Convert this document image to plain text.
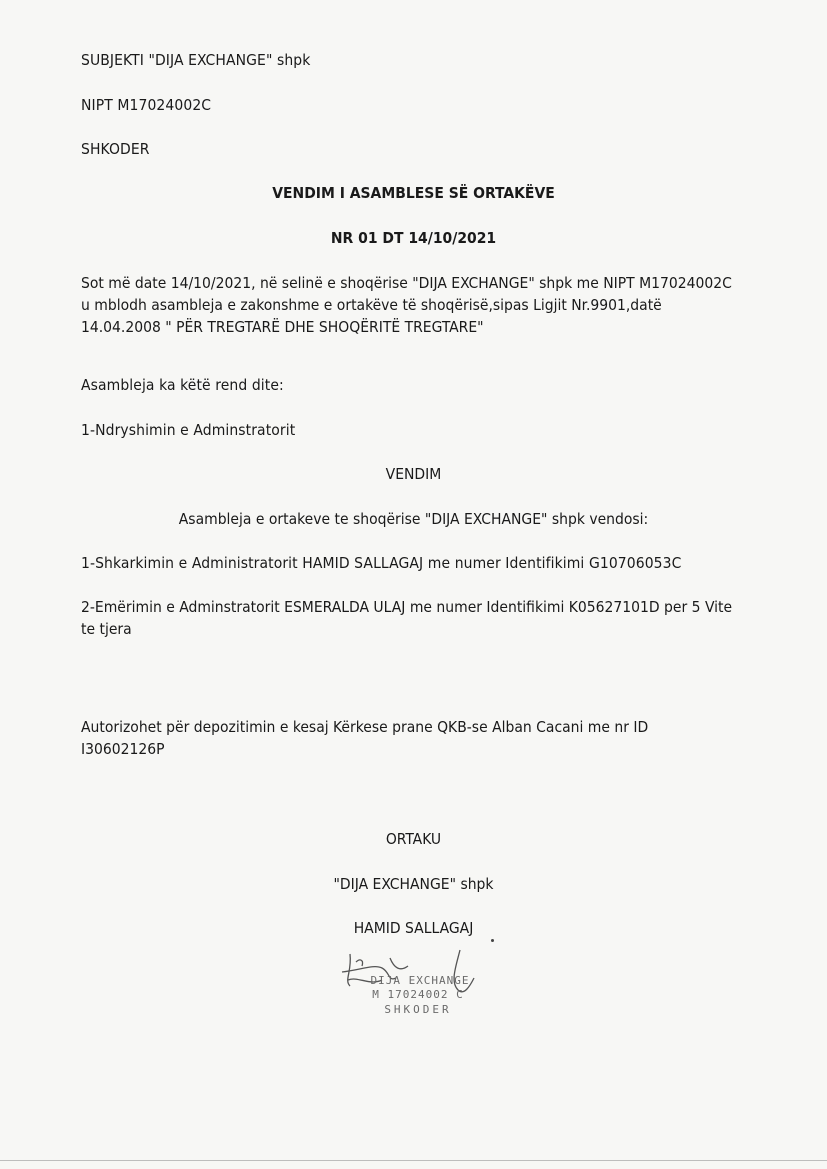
SUBJEKTI "DIJA EXCHANGE" shpk
NIPT M17024002C
SHKODER
VENDIM I ASAMBLESE SË ORTAKËVE
NR 01 DT 14/10/2021
Sot më date 14/10/2021, në selinë e shoqërise "DIJA EXCHANGE" shpk me NIPT M17024002C
u mblodh asambleja e zakonshme e ortakëve të shoqërisë,sipas Ligjit Nr.9901,datë
14.04.2008 " PËR TREGTARË DHE SHOQËRITË TREGTARE"
Asambleja ka këtë rend dite:
1-Ndryshimin e Adminstratorit
VENDIM
Asambleja e ortakeve te shoqërise "DIJA EXCHANGE" shpk vendosi:
1-Shkarkimin e Administratorit HAMID SALLAGAJ me numer Identifikimi G10706053C
2-Emërimin e Adminstratorit ESMERALDA ULAJ me numer Identifikimi K05627101D per 5 Vite
te tjera
Autorizohet për depozitimin e kesaj Kërkese prane QKB-se Alban Cacani me nr ID
I30602126P
ORTAKU
"DIJA EXCHANGE" shpk
HAMID SALLAGAJ
DIJA EXCHANGE
M 17024002 C
SHKODER
